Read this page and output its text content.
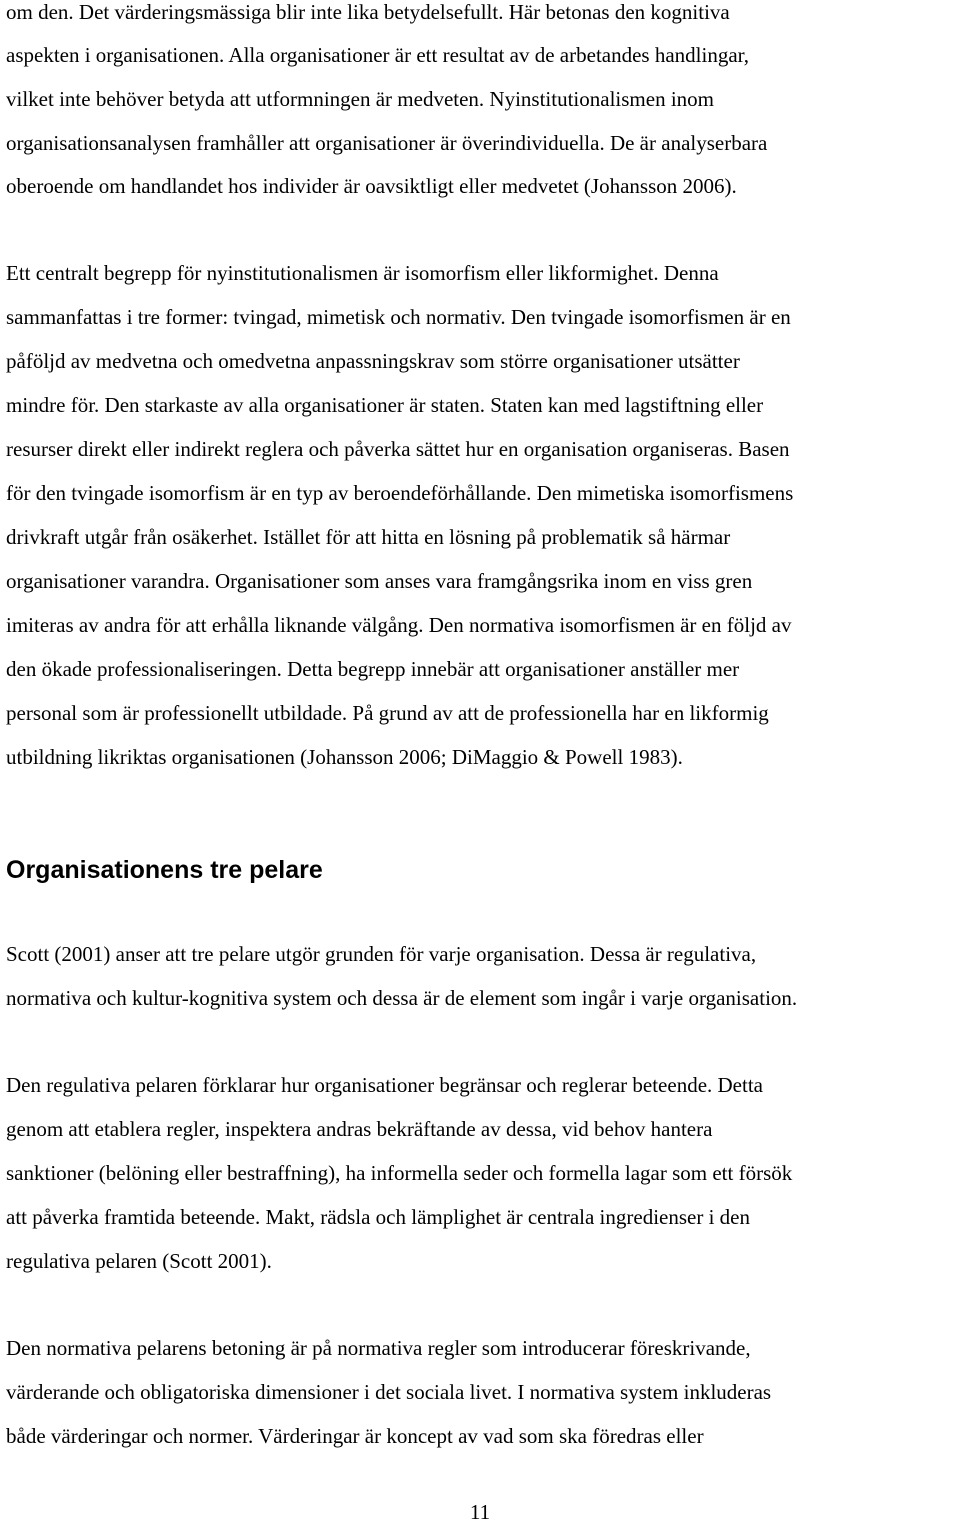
om den. Det värderingsmässiga blir inte lika betydelsefullt. Här betonas den kognitiva

aspekten i organisationen. Alla organisationer är ett resultat av de arbetandes handlingar,

vilket inte behöver betyda att utformningen är medveten. Nyinstitutionalismen inom

organisationsanalysen framhåller att organisationer är överindividuella. De är analyserbara

oberoende om handlandet hos individer är oavsiktligt eller medvetet (Johansson 2006).

Ett centralt begrepp för nyinstitutionalismen är isomorfism eller likformighet. Denna

sammanfattas i tre former: tvingad, mimetisk och normativ. Den tvingade isomorfismen är en

påföljd av medvetna och omedvetna anpassningskrav som större organisationer utsätter

mindre för. Den starkaste av alla organisationer är staten. Staten kan med lagstiftning eller

resurser direkt eller indirekt reglera och påverka sättet hur en organisation organiseras. Basen

för den tvingade isomorfism är en typ av beroendeförhållande. Den mimetiska isomorfismens

drivkraft utgår från osäkerhet. Istället för att hitta en lösning på problematik så härmar

organisationer varandra. Organisationer som anses vara framgångsrika inom en viss gren

imiteras av andra för att erhålla liknande välgång. Den normativa isomorfismen är en följd av

den ökade professionaliseringen. Detta begrepp innebär att organisationer anställer mer

personal som är professionellt utbildade. På grund av att de professionella har en likformig

utbildning likriktas organisationen (Johansson 2006; DiMaggio & Powell 1983).

Organisationens tre pelare

Scott (2001) anser att tre pelare utgör grunden för varje organisation. Dessa är regulativa,

normativa och kultur-kognitiva system och dessa är de element som ingår i varje organisation.

Den regulativa pelaren förklarar hur organisationer begränsar och reglerar beteende. Detta

genom att etablera regler, inspektera andras bekräftande av dessa, vid behov hantera

sanktioner (belöning eller bestraffning), ha informella seder och formella lagar som ett försök

att påverka framtida beteende. Makt, rädsla och lämplighet är centrala ingredienser i den

regulativa pelaren (Scott 2001).

Den normativa pelarens betoning är på normativa regler som introducerar föreskrivande,

värderande och obligatoriska dimensioner i det sociala livet. I normativa system inkluderas

både värderingar och normer. Värderingar är koncept av vad som ska föredras eller

11
